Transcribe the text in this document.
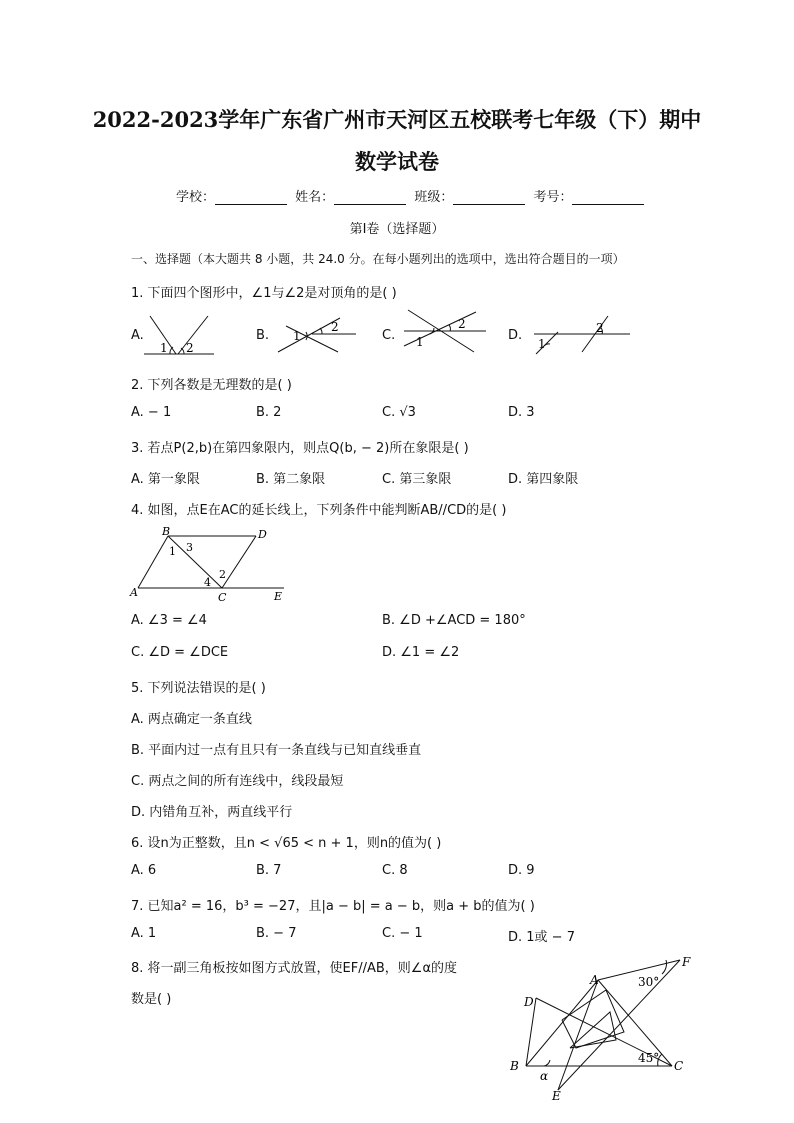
2022-2023学年广东省广州市天河区五校联考七年级（下）期中
数学试卷
学校：	姓名：	班级：	考号：
第I卷（选择题）
一、选择题（本大题共 8 小题，共 24.0 分。在每小题列出的选项中，选出符合题目的一项）
1. 下面四个图形中，∠1与∠2是对顶角的是( )
A.	B.	C.	D.
1 2
1
2
1
2
1
2
2. 下列各数是无理数的是( )
A. − 1	B. 2	C. √3	D. 3
3. 若点P(2,b)在第四象限内，则点Q(b, − 2)所在象限是( )
A. 第一象限	B. 第二象限	C. 第三象限	D. 第四象限
4. 如图，点E在AC的延长线上，下列条件中能判断AB//CD的是( )
B	D
A	C	E
1 3
4
2
A. ∠3 = ∠4	B. ∠D +∠ACD = 180°
C. ∠D = ∠DCE	D. ∠1 = ∠2
5. 下列说法错误的是( )
A. 两点确定一条直线
B. 平面内过一点有且只有一条直线与已知直线垂直
C. 两点之间的所有连线中，线段最短
D. 内错角互补，两直线平行
6. 设n为正整数，且n < √65 < n + 1，则n的值为( )
A. 6	B. 7	C. 8	D. 9
7. 已知a² = 16，b³ = −27，且|a − b| = a − b，则a + b的值为( )
A. 1	B. − 7	C. − 1	D. 1或 − 7
8. 将一副三角板按如图方式放置，使EF//AB，则∠α的度
数是( )
A
F
D
B	C
E
α
30°
45°
